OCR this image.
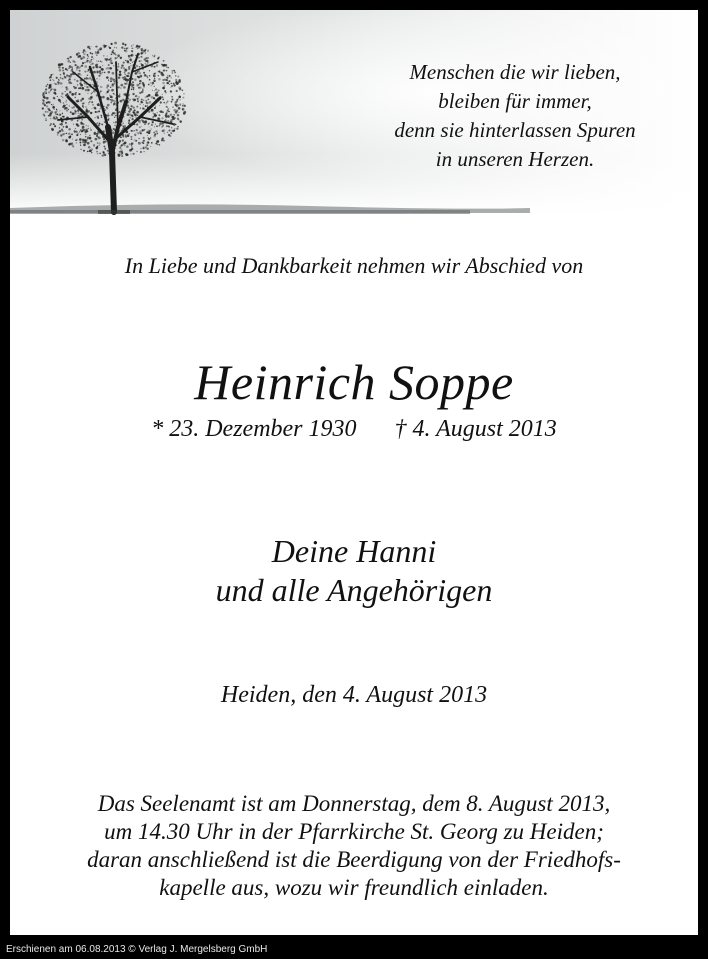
Menschen die wir lieben,
bleiben für immer,
denn sie hinterlassen Spuren
in unseren Herzen.
In Liebe und Dankbarkeit nehmen wir Abschied von
Heinrich Soppe
* 23. Dezember 1930 † 4. August 2013
Deine Hanni
und alle Angehörigen
Heiden, den 4. August 2013
Das Seelenamt ist am Donnerstag, dem 8. August 2013,
um 14.30 Uhr in der Pfarrkirche St. Georg zu Heiden;
daran anschließend ist die Beerdigung von der Friedhofs-
kapelle aus, wozu wir freundlich einladen.
Erschienen am 06.08.2013 © Verlag J. Mergelsberg GmbH
